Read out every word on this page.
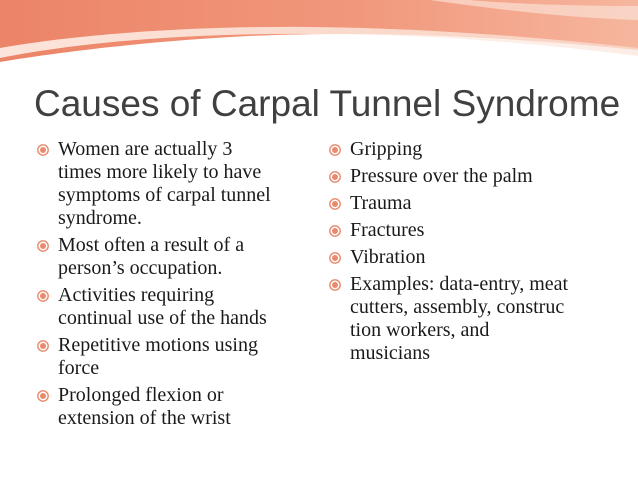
Causes of Carpal Tunnel Syndrome
Women are actually 3
times more likely to have
symptoms of carpal tunnel
syndrome.
Most often a result of a
person’s occupation.
Activities requiring
continual use of the hands
Repetitive motions using
force
Prolonged flexion or
extension of the wrist
Gripping
Pressure over the palm
Trauma
Fractures
Vibration
Examples: data-entry, meat
cutters, assembly, construc
tion workers, and
musicians
